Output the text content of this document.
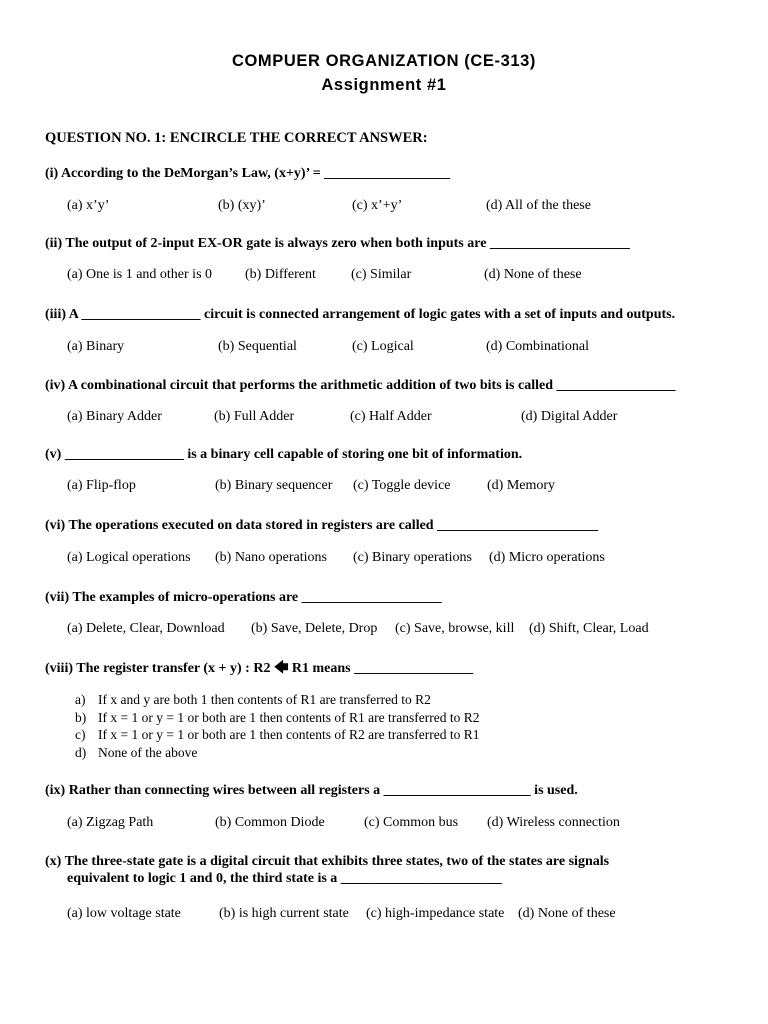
COMPUER ORGANIZATION (CE-313)
Assignment #1
QUESTION NO. 1: ENCIRCLE THE CORRECT ANSWER:
(i) According to the DeMorgan’s Law, (x+y)’ = __________________
(a) x’y’	(b) (xy)’	(c) x’+y’	(d) All of the these
(ii) The output of 2-input EX-OR gate is always zero when both inputs are ____________________
(a) One is 1 and other is 0 (b) Different	(c) Similar	(d) None of these
(iii) A _________________ circuit is connected arrangement of logic gates with a set of inputs and outputs.
(a) Binary	(b) Sequential	(c) Logical	(d) Combinational
(iv) A combinational circuit that performs the arithmetic addition of two bits is called _________________
(a) Binary Adder	(b) Full Adder	(c) Half Adder	(d) Digital Adder
(v) _________________ is a binary cell capable of storing one bit of information.
(a) Flip-flop	(b) Binary sequencer (c) Toggle device	(d) Memory
(vi) The operations executed on data stored in registers are called _______________________
(a) Logical operations (b) Nano operations (c) Binary operations (d) Micro operations
(vii) The examples of micro-operations are ____________________
(a) Delete, Clear, Download (b) Save, Delete, Drop (c) Save, browse, kill (d) Shift, Clear, Load
(viii) The register transfer (x + y) : R2 🡄 R1 means _________________
a) If x and y are both 1 then contents of R1 are transferred to R2
b) If x = 1 or y = 1 or both are 1 then contents of R1 are transferred to R2
c) If x = 1 or y = 1 or both are 1 then contents of R2 are transferred to R1
d) None of the above
(ix) Rather than connecting wires between all registers a _____________________ is used.
(a) Zigzag Path	(b) Common Diode	(c) Common bus (d) Wireless connection
(x) The three-state gate is a digital circuit that exhibits three states, two of the states are signals
equivalent to logic 1 and 0, the third state is a _______________________
(a) low voltage state	(b) is high current state (c) high-impedance state (d) None of these
